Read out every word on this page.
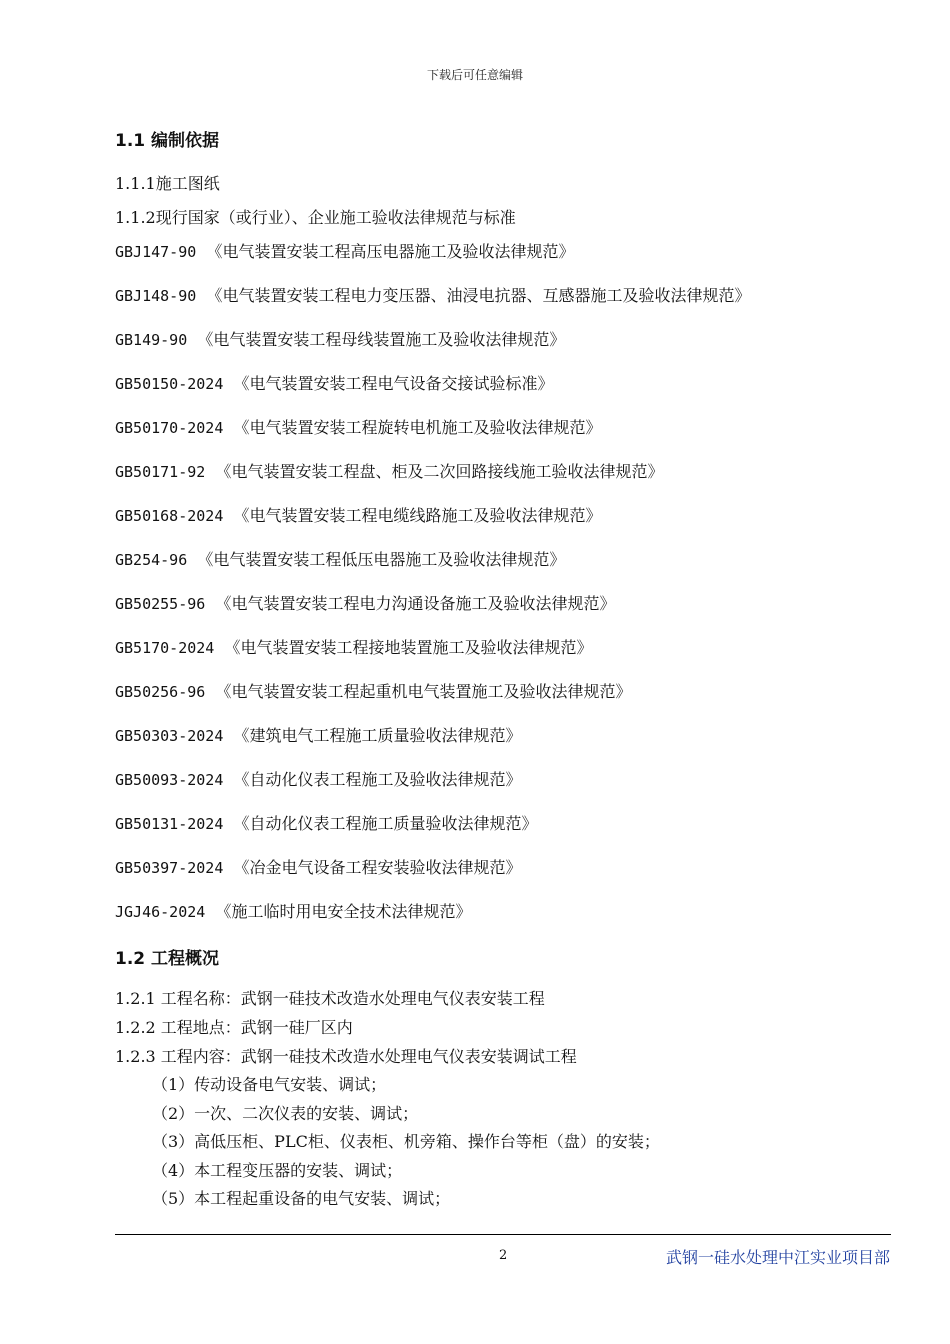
下载后可任意编辑
1.1 编制依据
1.1.1施工图纸
1.1.2现行国家（或行业）、企业施工验收法律规范与标准
GBJ147-90 《电气装置安装工程高压电器施工及验收法律规范》
GBJ148-90 《电气装置安装工程电力变压器、油浸电抗器、互感器施工及验收法律规范》
GB149-90 《电气装置安装工程母线装置施工及验收法律规范》
GB50150-2024 《电气装置安装工程电气设备交接试验标准》
GB50170-2024 《电气装置安装工程旋转电机施工及验收法律规范》
GB50171-92 《电气装置安装工程盘、柜及二次回路接线施工验收法律规范》
GB50168-2024 《电气装置安装工程电缆线路施工及验收法律规范》
GB254-96 《电气装置安装工程低压电器施工及验收法律规范》
GB50255-96 《电气装置安装工程电力沟通设备施工及验收法律规范》
GB5170-2024 《电气装置安装工程接地装置施工及验收法律规范》
GB50256-96 《电气装置安装工程起重机电气装置施工及验收法律规范》
GB50303-2024 《建筑电气工程施工质量验收法律规范》
GB50093-2024 《自动化仪表工程施工及验收法律规范》
GB50131-2024 《自动化仪表工程施工质量验收法律规范》
GB50397-2024 《冶金电气设备工程安装验收法律规范》
JGJ46-2024 《施工临时用电安全技术法律规范》
1.2 工程概况
1.2.1 工程名称：武钢一硅技术改造水处理电气仪表安装工程
1.2.2 工程地点：武钢一硅厂区内
1.2.3 工程内容：武钢一硅技术改造水处理电气仪表安装调试工程
（1）传动设备电气安装、调试；
（2）一次、二次仪表的安装、调试；
（3）高低压柜、PLC柜、仪表柜、机旁箱、操作台等柜（盘）的安装；
（4）本工程变压器的安装、调试；
（5）本工程起重设备的电气安装、调试；
2	武钢一硅水处理中江实业项目部
